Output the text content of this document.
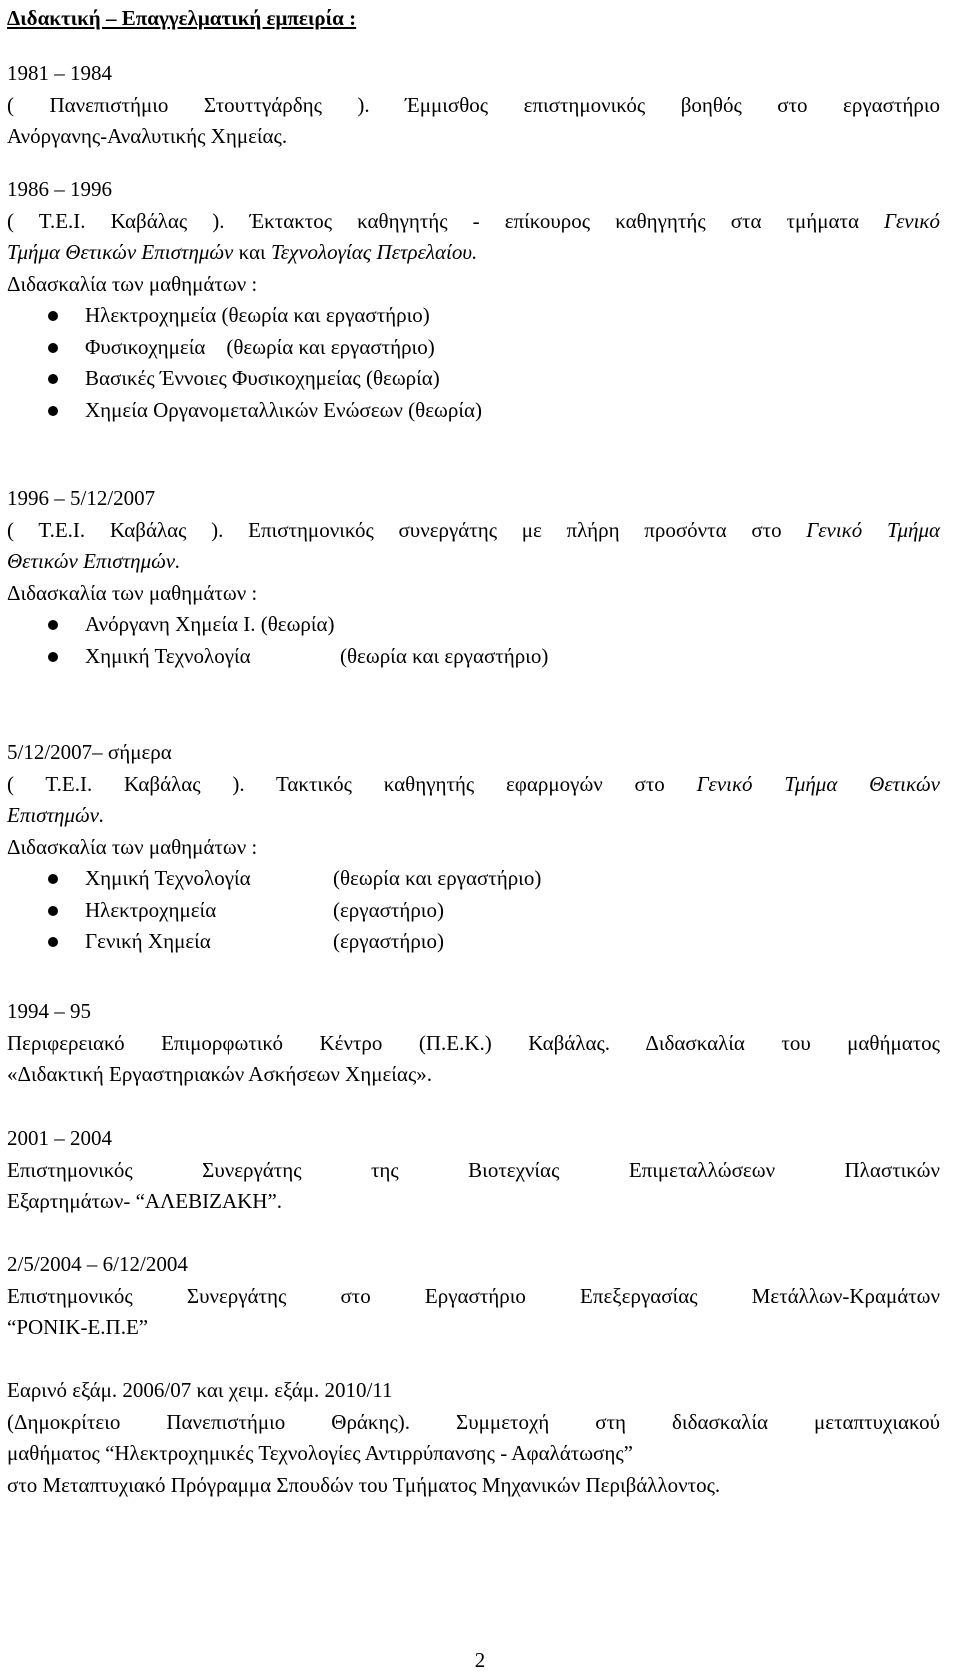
Διδακτική – Επαγγελματική εμπειρία :
1981 – 1984
( Πανεπιστήμιο Στουττγάρδης ). Έμμισθος επιστημονικός βοηθός στο εργαστήριο
Ανόργανης-Αναλυτικής Χημείας.
1986 – 1996
( Τ.Ε.Ι. Καβάλας ). Έκτακτος καθηγητής - επίκουρος καθηγητής στα τμήματα Γενικό
Τμήμα Θετικών Επιστημών και Τεχνολογίας Πετρελαίου.
Διδασκαλία των μαθημάτων :
Ηλεκτροχημεία (θεωρία και εργαστήριο)
Φυσικοχημεία (θεωρία και εργαστήριο)
Βασικές Έννοιες Φυσικοχημείας (θεωρία)
Χημεία Οργανομεταλλικών Ενώσεων (θεωρία)
1996 – 5/12/2007
( Τ.Ε.Ι. Καβάλας ). Επιστημονικός συνεργάτης με πλήρη προσόντα στο Γενικό Τμήμα
Θετικών Επιστημών.
Διδασκαλία των μαθημάτων :
Ανόργανη Χημεία Ι. (θεωρία)
Χημική Τεχνολογία	(θεωρία και εργαστήριο)
5/12/2007– σήμερα
( Τ.Ε.Ι. Καβάλας ). Τακτικός καθηγητής εφαρμογών στο Γενικό Τμήμα Θετικών
Επιστημών.
Διδασκαλία των μαθημάτων :
Χημική Τεχνολογία	(θεωρία και εργαστήριο)
Ηλεκτροχημεία	(εργαστήριο)
Γενική Χημεία	(εργαστήριο)
1994 – 95
Περιφερειακό Επιμορφωτικό Κέντρο (Π.Ε.Κ.) Καβάλας. Διδασκαλία του μαθήματος
«Διδακτική Εργαστηριακών Ασκήσεων Χημείας».
2001 – 2004
Επιστημονικός Συνεργάτης της Βιοτεχνίας Επιμεταλλώσεων Πλαστικών
Εξαρτημάτων- “ΑΛΕΒΙΖΑΚΗ”.
2/5/2004 – 6/12/2004
Επιστημονικός Συνεργάτης στο Εργαστήριο Επεξεργασίας Μετάλλων-Κραμάτων
“ΡΟΝΙΚ-Ε.Π.Ε”
Εαρινό εξάμ. 2006/07 και χειμ. εξάμ. 2010/11
(Δημοκρίτειο Πανεπιστήμιο Θράκης). Συμμετοχή στη διδασκαλία μεταπτυχιακού
μαθήματος “Ηλεκτροχημικές Τεχνολογίες Αντιρρύπανσης - Αφαλάτωσης”
στο Μεταπτυχιακό Πρόγραμμα Σπουδών του Τμήματος Μηχανικών Περιβάλλοντος.
2
